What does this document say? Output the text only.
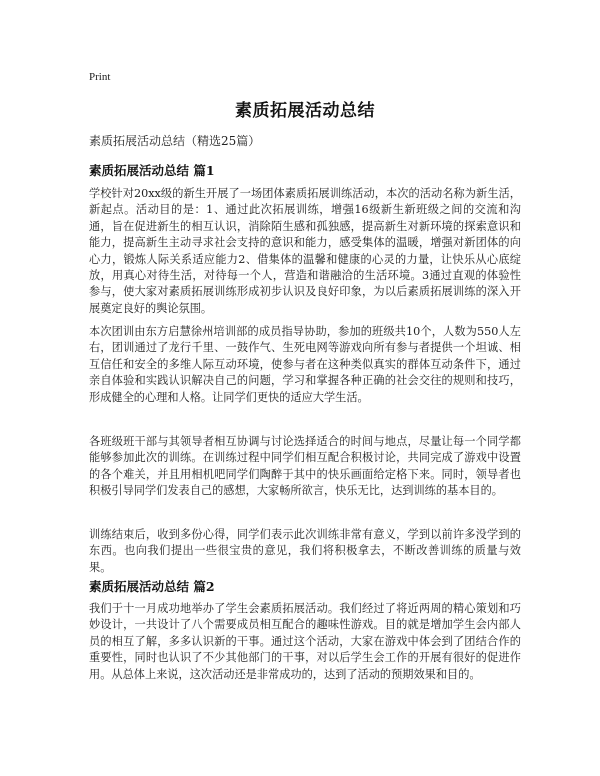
Print
素质拓展活动总结
素质拓展活动总结（精选25篇）
素质拓展活动总结 篇1
学校针对20xx级的新生开展了一场团体素质拓展训练活动，本次的活动名称为新生活，新起点。活动目的是：1、通过此次拓展训练，增强16级新生新班级之间的交流和沟通，旨在促进新生的相互认识，消除陌生感和孤独感，提高新生对新环境的探索意识和能力，提高新生主动寻求社会支持的意识和能力，感受集体的温暖，增强对新团体的向心力，锻炼人际关系适应能力2、借集体的温馨和健康的心灵的力量，让快乐从心底绽放，用真心对待生活，对待每一个人，营造和谐融洽的生活环境。3通过直观的体验性参与，使大家对素质拓展训练形成初步认识及良好印象，为以后素质拓展训练的深入开展奠定良好的舆论氛围。
本次团训由东方启慧徐州培训部的成员指导协助，参加的班级共10个，人数为550人左右，团训通过了龙行千里、一鼓作气、生死电网等游戏向所有参与者提供一个坦诚、相互信任和安全的多维人际互动环境，使参与者在这种类似真实的群体互动条件下，通过亲自体验和实践认识解决自己的问题，学习和掌握各种正确的社会交往的规则和技巧，形成健全的心理和人格。让同学们更快的适应大学生活。
各班级班干部与其领导者相互协调与讨论选择适合的时间与地点，尽量让每一个同学都能够参加此次的训练。在训练过程中同学们相互配合积极讨论，共同完成了游戏中设置的各个难关，并且用相机吧同学们陶醉于其中的快乐画面给定格下来。同时，领导者也积极引导同学们发表自己的感想，大家畅所欲言，快乐无比，达到训练的基本目的。
训练结束后，收到多份心得，同学们表示此次训练非常有意义，学到以前许多没学到的东西。也向我们提出一些很宝贵的意见，我们将积极拿去，不断改善训练的质量与效果。
素质拓展活动总结 篇2
我们于十一月成功地举办了学生会素质拓展活动。我们经过了将近两周的精心策划和巧妙设计，一共设计了八个需要成员相互配合的趣味性游戏。目的就是增加学生会内部人员的相互了解，多多认识新的干事。通过这个活动，大家在游戏中体会到了团结合作的重要性，同时也认识了不少其他部门的干事，对以后学生会工作的开展有很好的促进作用。从总体上来说，这次活动还是非常成功的，达到了活动的预期效果和目的。
